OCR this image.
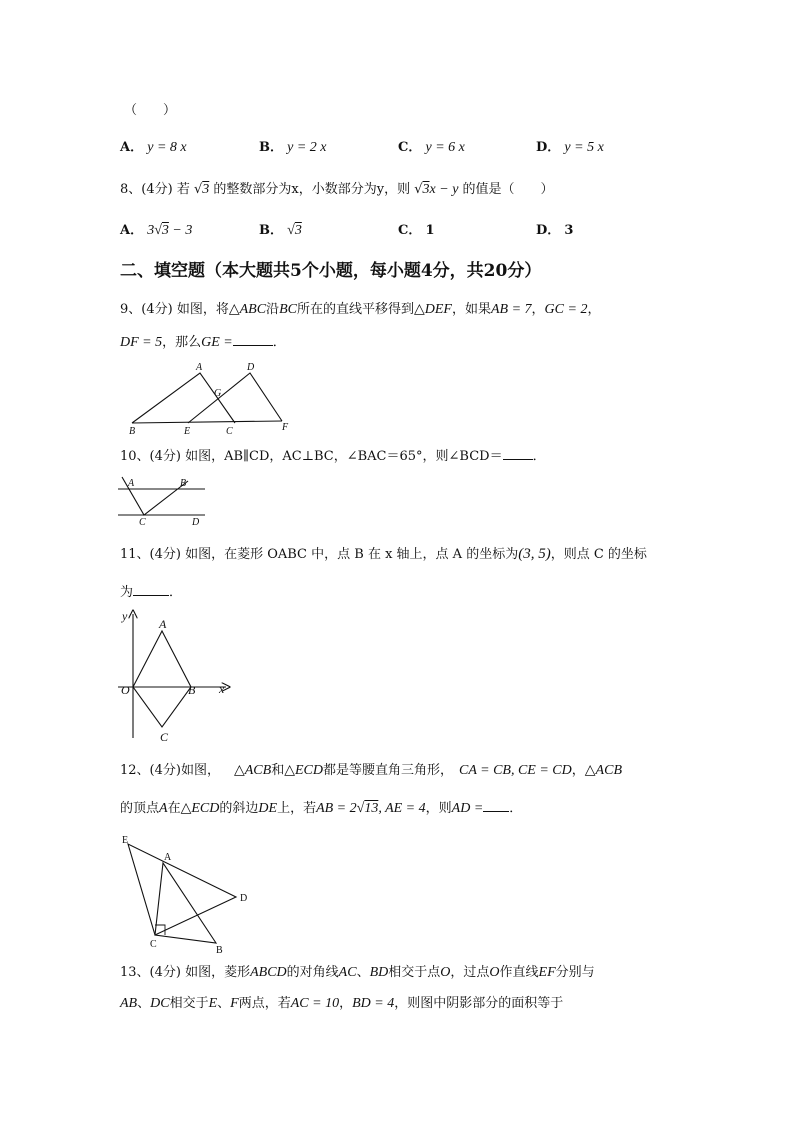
（　　）
A． y = 8 x	B． y = 2 x	C． y = 6 x	D． y = 5 x
8、(4分) 若 √3 的整数部分为x，小数部分为y，则 √3x − y 的值是（　　）
A． 3√3 − 3	B． √3	C． 1	D． 3
二、填空题（本大题共5个小题，每小题4分，共20分）
9、(4分) 如图，将△ABC沿BC所在的直线平移得到△DEF，如果AB = 7，GC = 2，
DF = 5，那么GE =	．
A	D
G
B	E	C	F
10、(4分) 如图，AB∥CD，AC⊥BC，∠BAC＝65°，则∠BCD＝ ．
A	B
C	D
11、(4分) 如图，在菱形 OABC 中，点 B 在 x 轴上，点 A 的坐标为(3, 5)，则点 C 的坐标
为	．
y
x
O
A
B
C
12、(4分)如图， △ACB和△ECD都是等腰直角三角形， CA = CB, CE = CD，△ACB
的顶点A在△ECD的斜边DE上，若AB = 2√13, AE = 4，则AD = ．
E
A
D
C
B
13、(4分) 如图，菱形ABCD的对角线AC、BD相交于点O，过点O作直线EF分别与
AB、DC相交于E、F两点，若AC = 10，BD = 4，则图中阴影部分的面积等于
